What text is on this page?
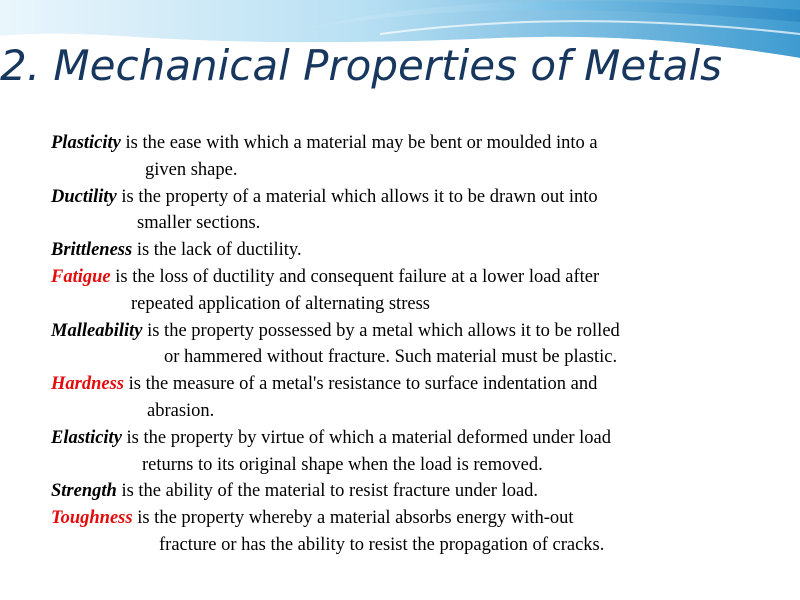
2. Mechanical Properties of Metals

Plasticity is the ease with which a material may be bent or moulded into a
given shape.

Ductility is the property of a material which allows it to be drawn out into
smaller sections.

Brittleness is the lack of ductility.

Fatigue is the loss of ductility and consequent failure at a lower load after
repeated application of alternating stress

Malleability is the property possessed by a metal which allows it to be rolled
or hammered without fracture. Such material must be plastic.

Hardness is the measure of a metal's resistance to surface indentation and
abrasion.

Elasticity is the property by virtue of which a material deformed under load
returns to its original shape when the load is removed.

Strength is the ability of the material to resist fracture under load.

Toughness is the property whereby a material absorbs energy with-out
fracture or has the ability to resist the propagation of cracks.
